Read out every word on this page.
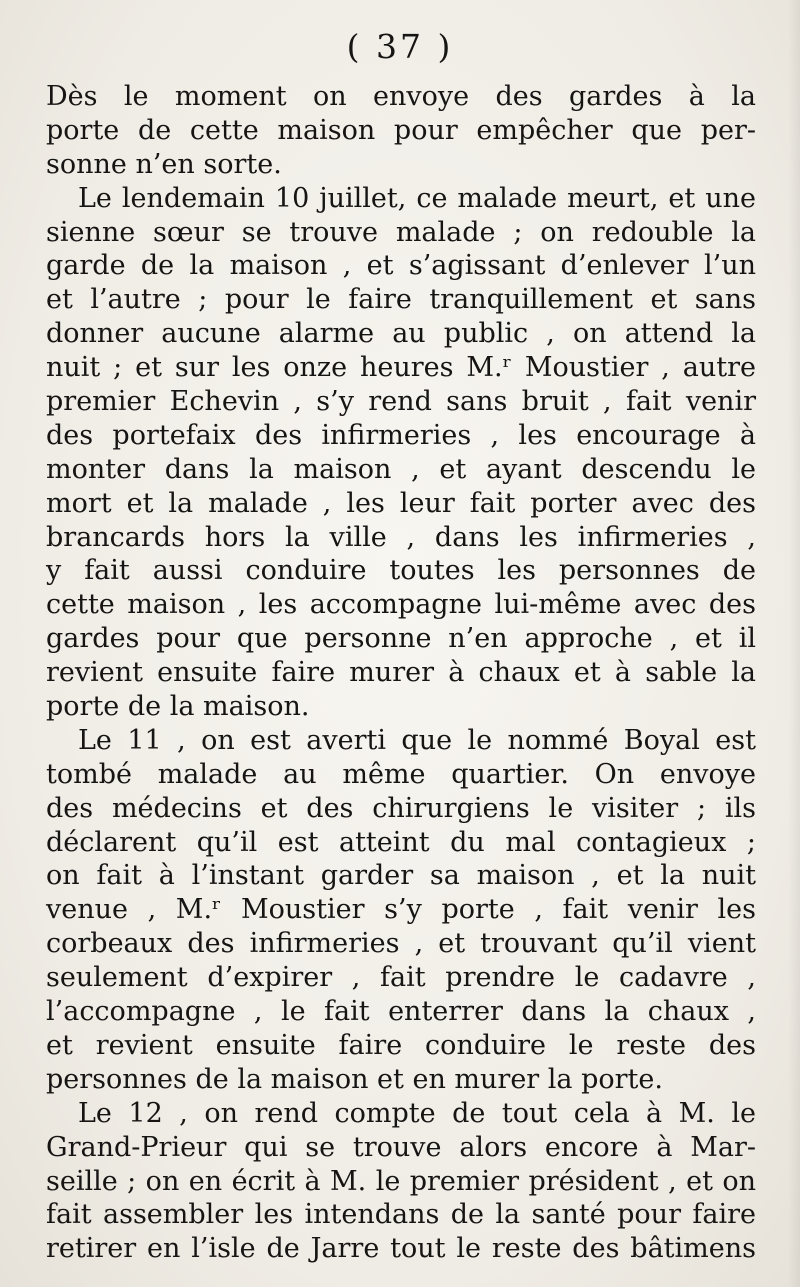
( 37 )
Dès le moment on envoye des gardes à la
porte de cette maison pour empêcher que per-
sonne n’en sorte.
Le lendemain 10 juillet, ce malade meurt, et une
sienne sœur se trouve malade ; on redouble la
garde de la maison , et s’agissant d’enlever l’un
et l’autre ; pour le faire tranquillement et sans
donner aucune alarme au public , on attend la
nuit ; et sur les onze heures M.ʳ Moustier , autre
premier Echevin , s’y rend sans bruit , fait venir
des portefaix des infirmeries , les encourage à
monter dans la maison , et ayant descendu le
mort et la malade , les leur fait porter avec des
brancards hors la ville , dans les infirmeries ,
y fait aussi conduire toutes les personnes de
cette maison , les accompagne lui-même avec des
gardes pour que personne n’en approche , et il
revient ensuite faire murer à chaux et à sable la
porte de la maison.
Le 11 , on est averti que le nommé Boyal est
tombé malade au même quartier. On envoye
des médecins et des chirurgiens le visiter ; ils
déclarent qu’il est atteint du mal contagieux ;
on fait à l’instant garder sa maison , et la nuit
venue , M.ʳ Moustier s’y porte , fait venir les
corbeaux des infirmeries , et trouvant qu’il vient
seulement d’expirer , fait prendre le cadavre ,
l’accompagne , le fait enterrer dans la chaux ,
et revient ensuite faire conduire le reste des
personnes de la maison et en murer la porte.
Le 12 , on rend compte de tout cela à M. le
Grand-Prieur qui se trouve alors encore à Mar-
seille ; on en écrit à M. le premier président , et on
fait assembler les intendans de la santé pour faire
retirer en l’isle de Jarre tout le reste des bâtimens
